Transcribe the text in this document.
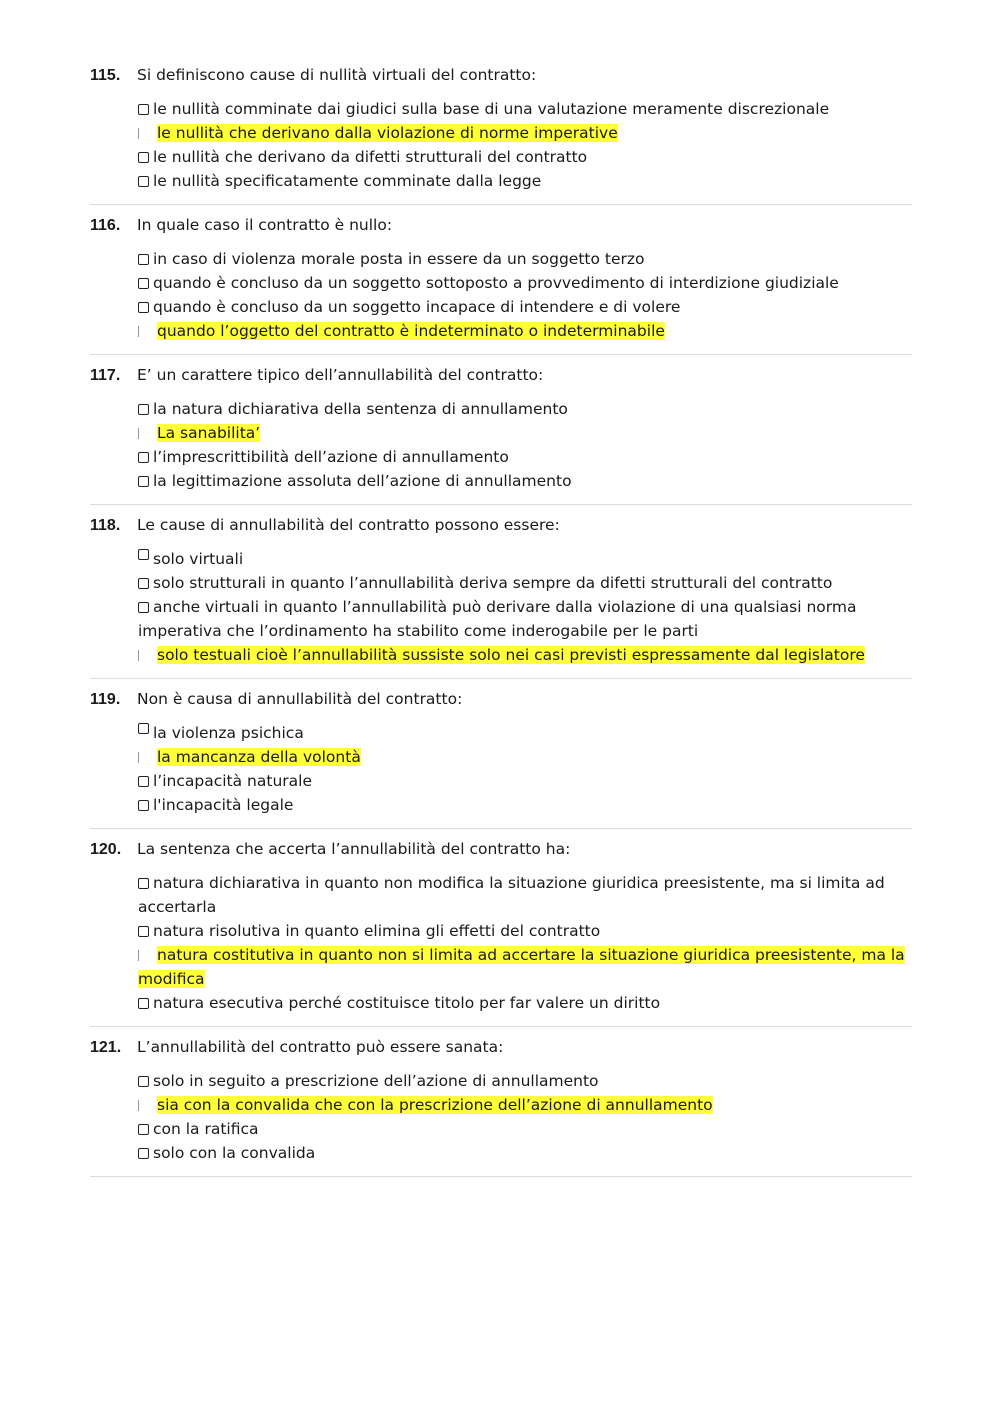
115.	Si definiscono cause di nullità virtuali del contratto:
le nullità comminate dai giudici sulla base di una valutazione meramente discrezionale
le nullità che derivano dalla violazione di norme imperative
le nullità che derivano da difetti strutturali del contratto
le nullità specificatamente comminate dalla legge
116.	In quale caso il contratto è nullo:
in caso di violenza morale posta in essere da un soggetto terzo
quando è concluso da un soggetto sottoposto a provvedimento di interdizione giudiziale
quando è concluso da un soggetto incapace di intendere e di volere
quando l’oggetto del contratto è indeterminato o indeterminabile
117.	E’ un carattere tipico dell’annullabilità del contratto:
la natura dichiarativa della sentenza di annullamento
La sanabilita’
l’imprescrittibilità dell’azione di annullamento
la legittimazione assoluta dell’azione di annullamento
118.	Le cause di annullabilità del contratto possono essere:
solo virtuali
solo strutturali in quanto l’annullabilità deriva sempre da difetti strutturali del contratto
anche virtuali in quanto l’annullabilità può derivare dalla violazione di una qualsiasi norma imperativa che l’ordinamento ha stabilito come inderogabile per le parti
solo testuali cioè l’annullabilità sussiste solo nei casi previsti espressamente dal legislatore
119.	Non è causa di annullabilità del contratto:
la violenza psichica
la mancanza della volontà
l’incapacità naturale
l'incapacità legale
120.	La sentenza che accerta l’annullabilità del contratto ha:
natura dichiarativa in quanto non modifica la situazione giuridica preesistente, ma si limita ad accertarla
natura risolutiva in quanto elimina gli effetti del contratto
natura costitutiva in quanto non si limita ad accertare la situazione giuridica preesistente, ma la modifica
natura esecutiva perché costituisce titolo per far valere un diritto
121.	L’annullabilità del contratto può essere sanata:
solo in seguito a prescrizione dell’azione di annullamento
sia con la convalida che con la prescrizione dell’azione di annullamento
con la ratifica
solo con la convalida
